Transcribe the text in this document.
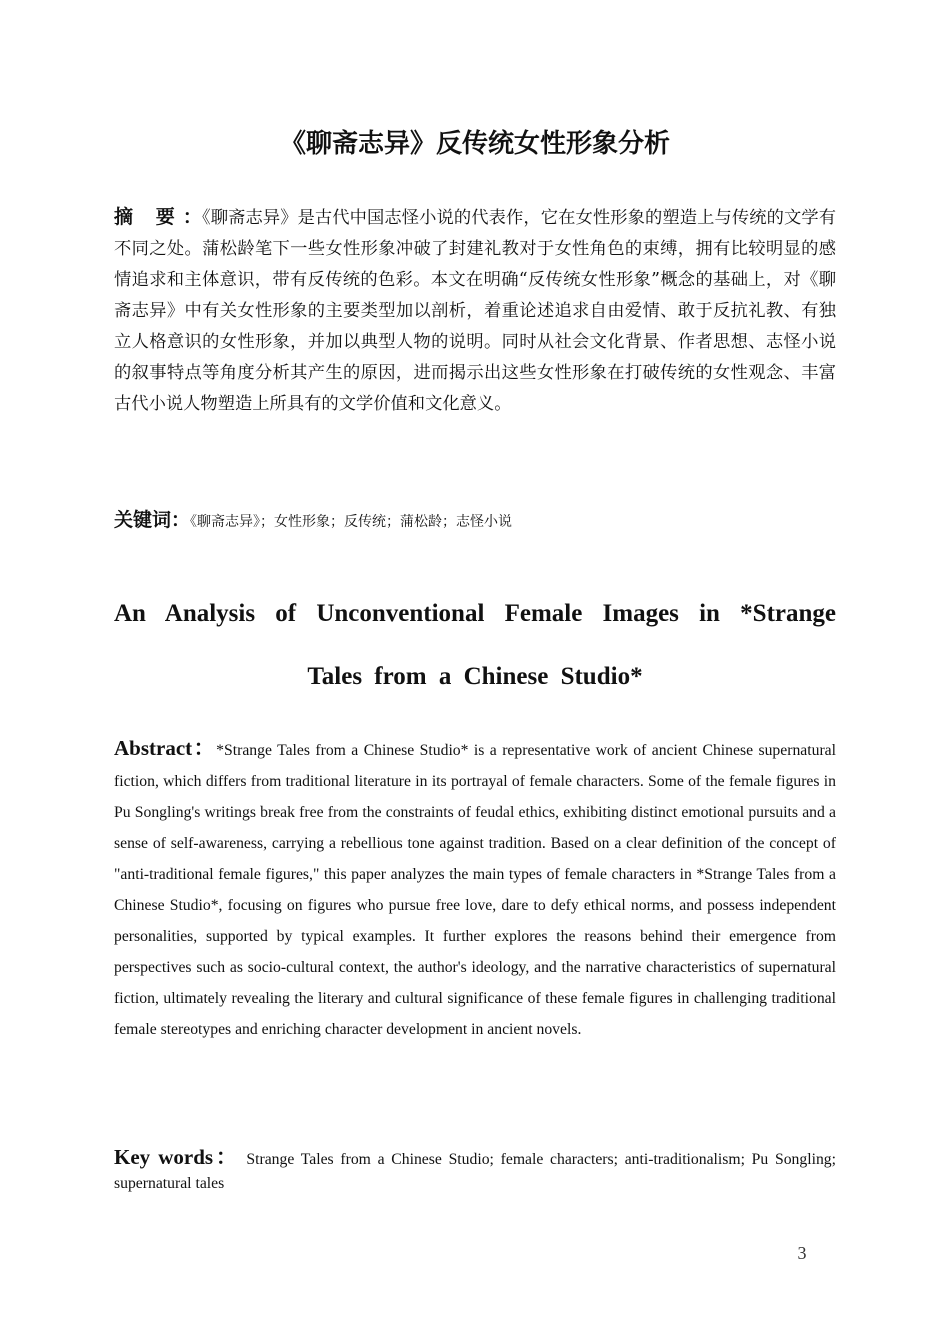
《聊斋志异》反传统女性形象分析
摘 要：《聊斋志异》是古代中国志怪小说的代表作，它在女性形象的塑造上与传统的文学有不同之处。蒲松龄笔下一些女性形象冲破了封建礼教对于女性角色的束缚，拥有比较明显的感情追求和主体意识，带有反传统的色彩。本文在明确“反传统女性形象”概念的基础上，对《聊斋志异》中有关女性形象的主要类型加以剖析，着重论述追求自由爱情、敢于反抗礼教、有独立人格意识的女性形象，并加以典型人物的说明。同时从社会文化背景、作者思想、志怪小说的叙事特点等角度分析其产生的原因，进而揭示出这些女性形象在打破传统的女性观念、丰富古代小说人物塑造上所具有的文学价值和文化意义。
关键词：《聊斋志异》；女性形象；反传统；蒲松龄；志怪小说
An Analysis of Unconventional Female Images in *Strange
Tales from a Chinese Studio*
Abstract：*Strange Tales from a Chinese Studio* is a representative work of ancient Chinese supernatural fiction, which differs from traditional literature in its portrayal of female characters. Some of the female figures in Pu Songling's writings break free from the constraints of feudal ethics, exhibiting distinct emotional pursuits and a sense of self-awareness, carrying a rebellious tone against tradition. Based on a clear definition of the concept of "anti-traditional female figures," this paper analyzes the main types of female characters in *Strange Tales from a Chinese Studio*, focusing on figures who pursue free love, dare to defy ethical norms, and possess independent personalities, supported by typical examples. It further explores the reasons behind their emergence from perspectives such as socio-cultural context, the author's ideology, and the narrative characteristics of supernatural fiction, ultimately revealing the literary and cultural significance of these female figures in challenging traditional female stereotypes and enriching character development in ancient novels.
Key words： Strange Tales from a Chinese Studio; female characters; anti-traditionalism; Pu Songling; supernatural tales
3
